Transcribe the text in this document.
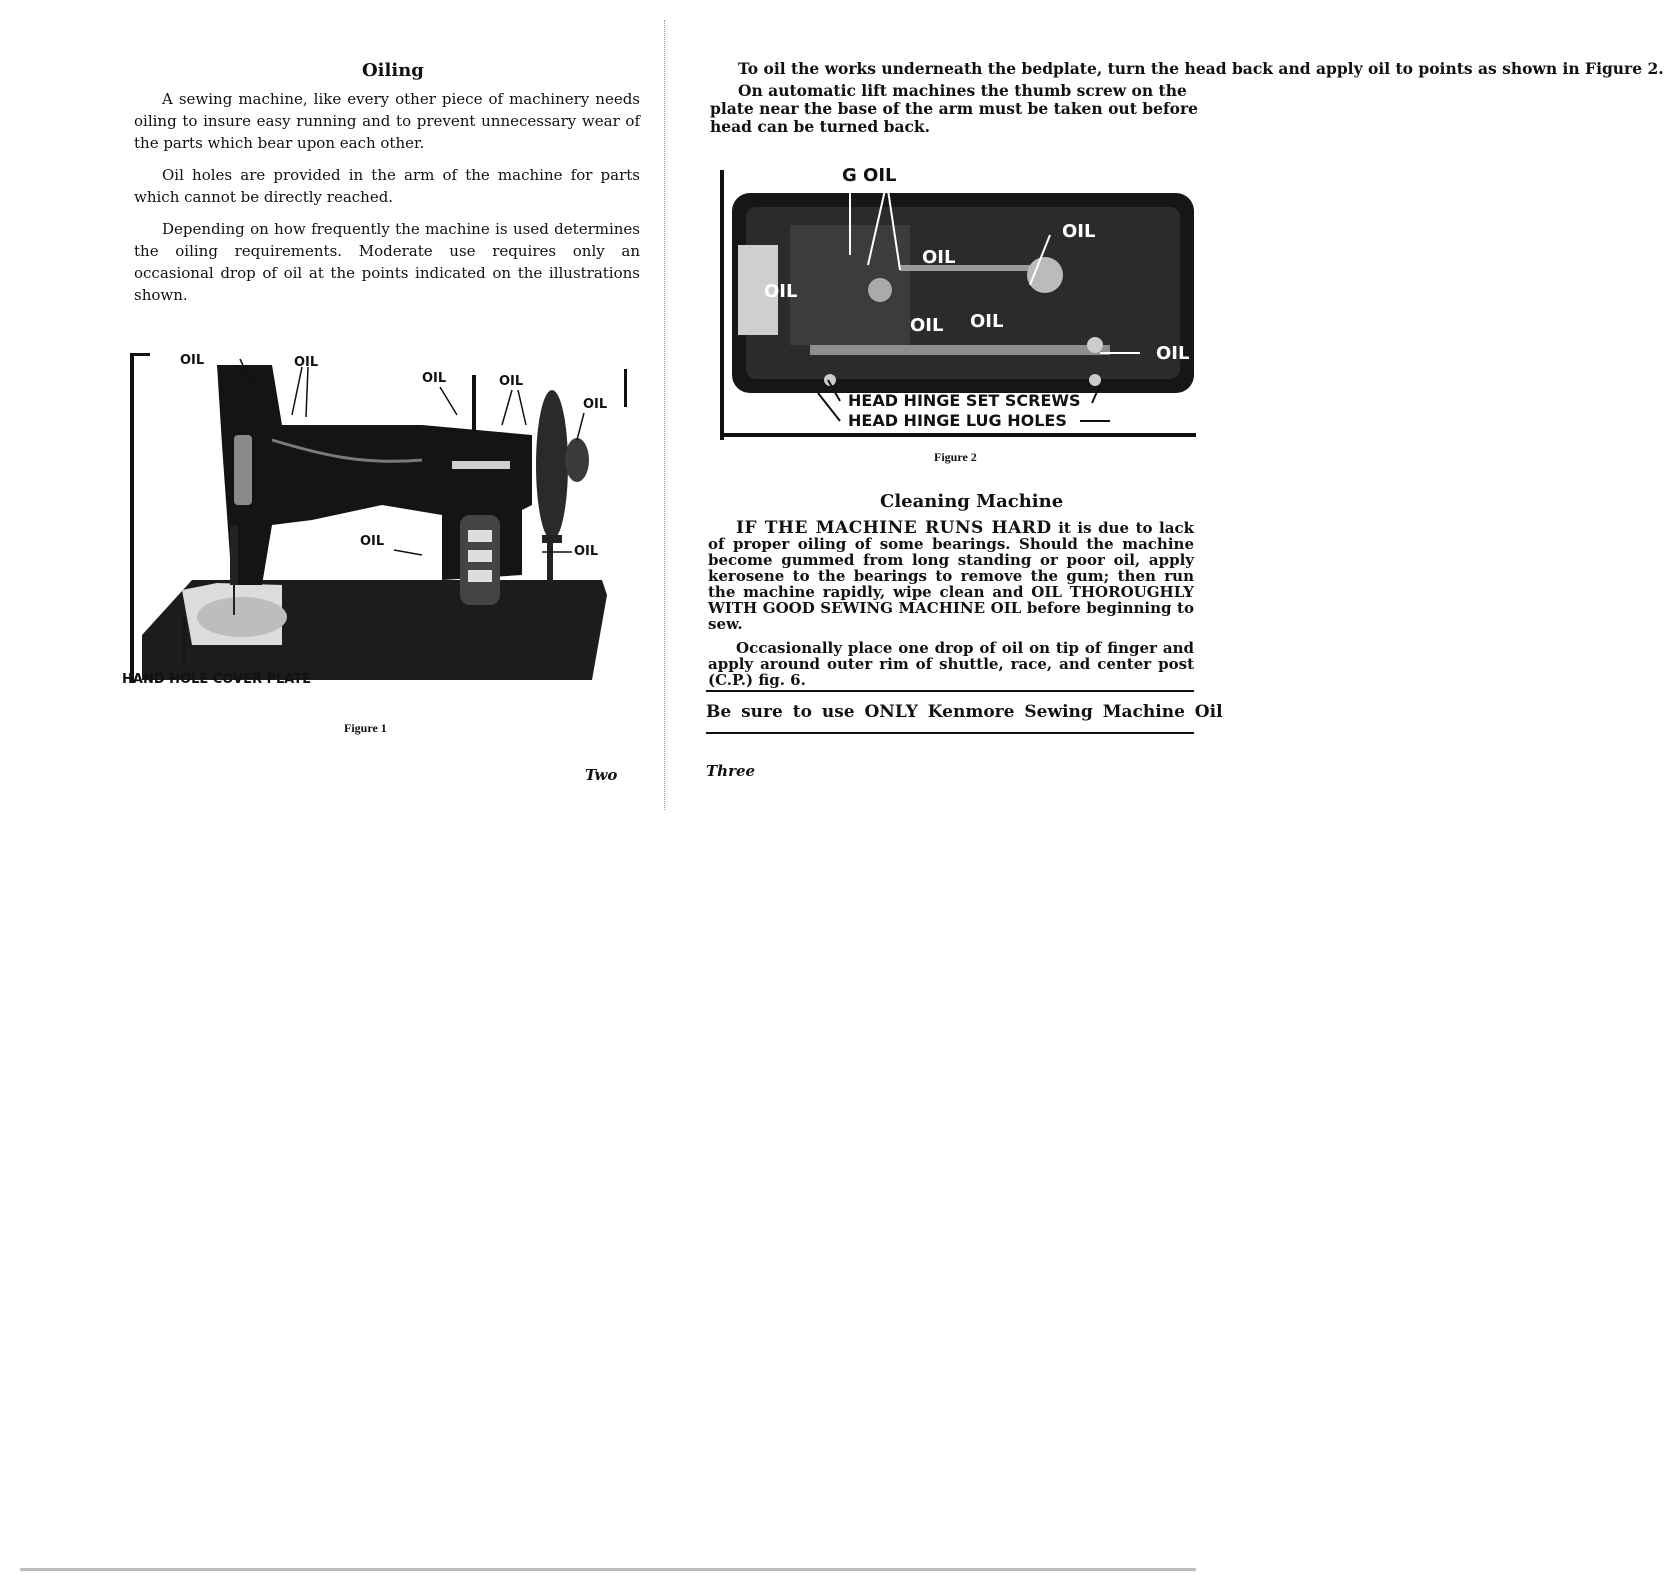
Oiling

A sewing machine, like every other piece of machinery needs oiling to insure easy running and to prevent unnecessary wear of the parts which bear upon each other.

Oil holes are provided in the arm of the machine for parts which cannot be directly reached.

Depending on how frequently the machine is used determines the oiling requirements. Moderate use requires only an occasional drop of oil at the points indicated on the illustrations shown.

OIL	OIL
OIL	OIL
OIL
OIL
OIL
HAND HOLE COVER PLATE
Figure 1
Two
To oil the works underneath the bedplate, turn the head back and apply oil to points as shown in Figure 2.
On automatic lift machines the thumb screw on the plate near the base of the arm must be taken out before head can be turned back.
G OIL
OIL
OIL
OIL
OIL OIL
OIL
HEAD HINGE SET SCREWS
HEAD HINGE LUG HOLES
Figure 2
Cleaning Machine
IF THE MACHINE RUNS HARD it is due to lack of proper oiling of some bearings. Should the machine become gummed from long standing or poor oil, apply kerosene to the bearings to remove the gum; then run the machine rapidly, wipe clean and OIL THOROUGHLY WITH GOOD SEWING MACHINE OIL before beginning to sew.
Occasionally place one drop of oil on tip of finger and apply around outer rim of shuttle, race, and center post (C.P.) fig. 6.
Be sure to use ONLY Kenmore Sewing Machine Oil
Three
